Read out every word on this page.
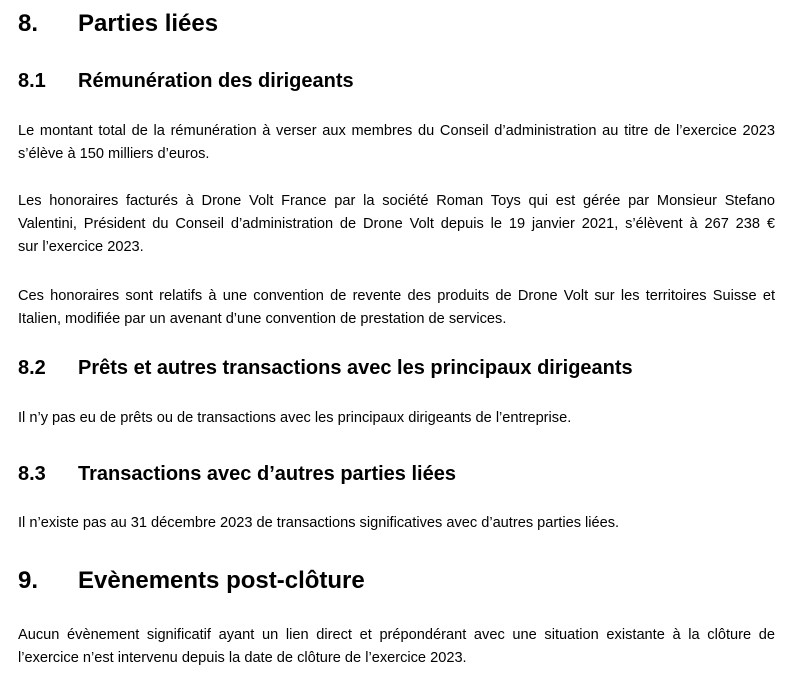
8. Parties liées
8.1 Rémunération des dirigeants

Le montant total de la rémunération à verser aux membres du Conseil d’administration au titre de l’exercice 2023
s’élève à 150 milliers d’euros.

Les honoraires facturés à Drone Volt France par la société Roman Toys qui est gérée par Monsieur Stefano
Valentini, Président du Conseil d’administration de Drone Volt depuis le 19 janvier 2021, s’élèvent à 267 238 €
sur l’exercice 2023.

Ces honoraires sont relatifs à une convention de revente des produits de Drone Volt sur les territoires Suisse et
Italien, modifiée par un avenant d’une convention de prestation de services.

8.2 Prêts et autres transactions avec les principaux dirigeants

Il n’y pas eu de prêts ou de transactions avec les principaux dirigeants de l’entreprise.

8.3 Transactions avec d’autres parties liées

Il n’existe pas au 31 décembre 2023 de transactions significatives avec d’autres parties liées.

9. Evènements post-clôture

Aucun évènement significatif ayant un lien direct et prépondérant avec une situation existante à la clôture de
l’exercice n’est intervenu depuis la date de clôture de l’exercice 2023.
